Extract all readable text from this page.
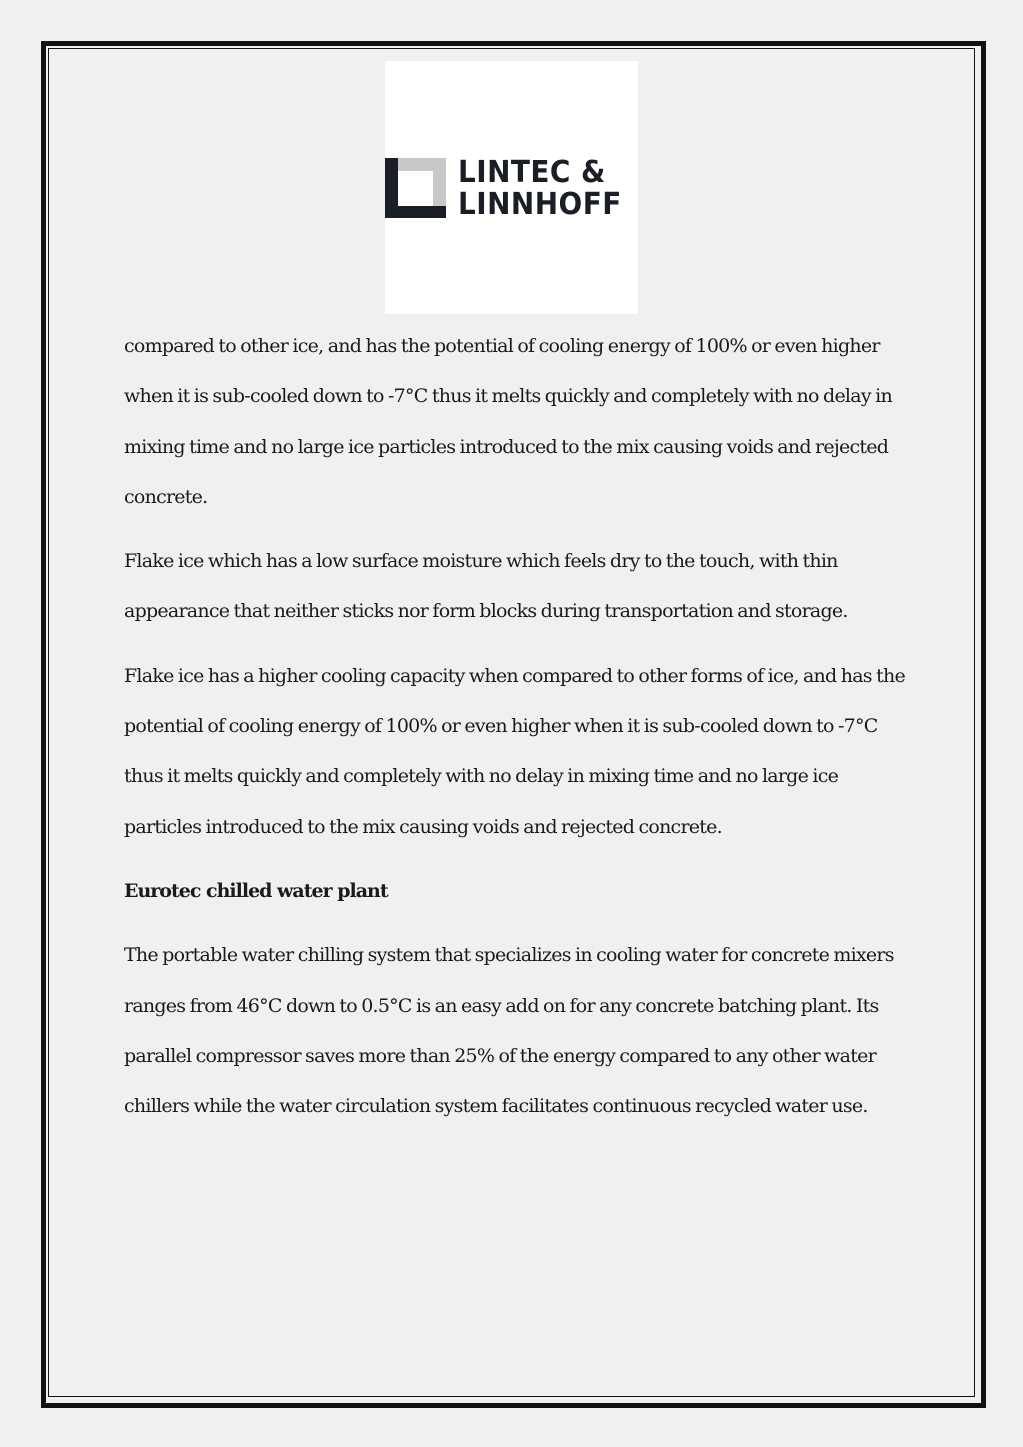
LINTEC &
LINNHOFF

compared to other ice, and has the potential of cooling energy of 100% or even higher when it is sub-cooled down to -7°C thus it melts quickly and completely with no delay in mixing time and no large ice particles introduced to the mix causing voids and rejected concrete.

Flake ice which has a low surface moisture which feels dry to the touch, with thin appearance that neither sticks nor form blocks during transportation and storage.

Flake ice has a higher cooling capacity when compared to other forms of ice, and has the potential of cooling energy of 100% or even higher when it is sub-cooled down to -7°C thus it melts quickly and completely with no delay in mixing time and no large ice particles introduced to the mix causing voids and rejected concrete.

Eurotec chilled water plant

The portable water chilling system that specializes in cooling water for concrete mixers ranges from 46°C down to 0.5°C is an easy add on for any concrete batching plant. Its parallel compressor saves more than 25% of the energy compared to any other water chillers while the water circulation system facilitates continuous recycled water use.
